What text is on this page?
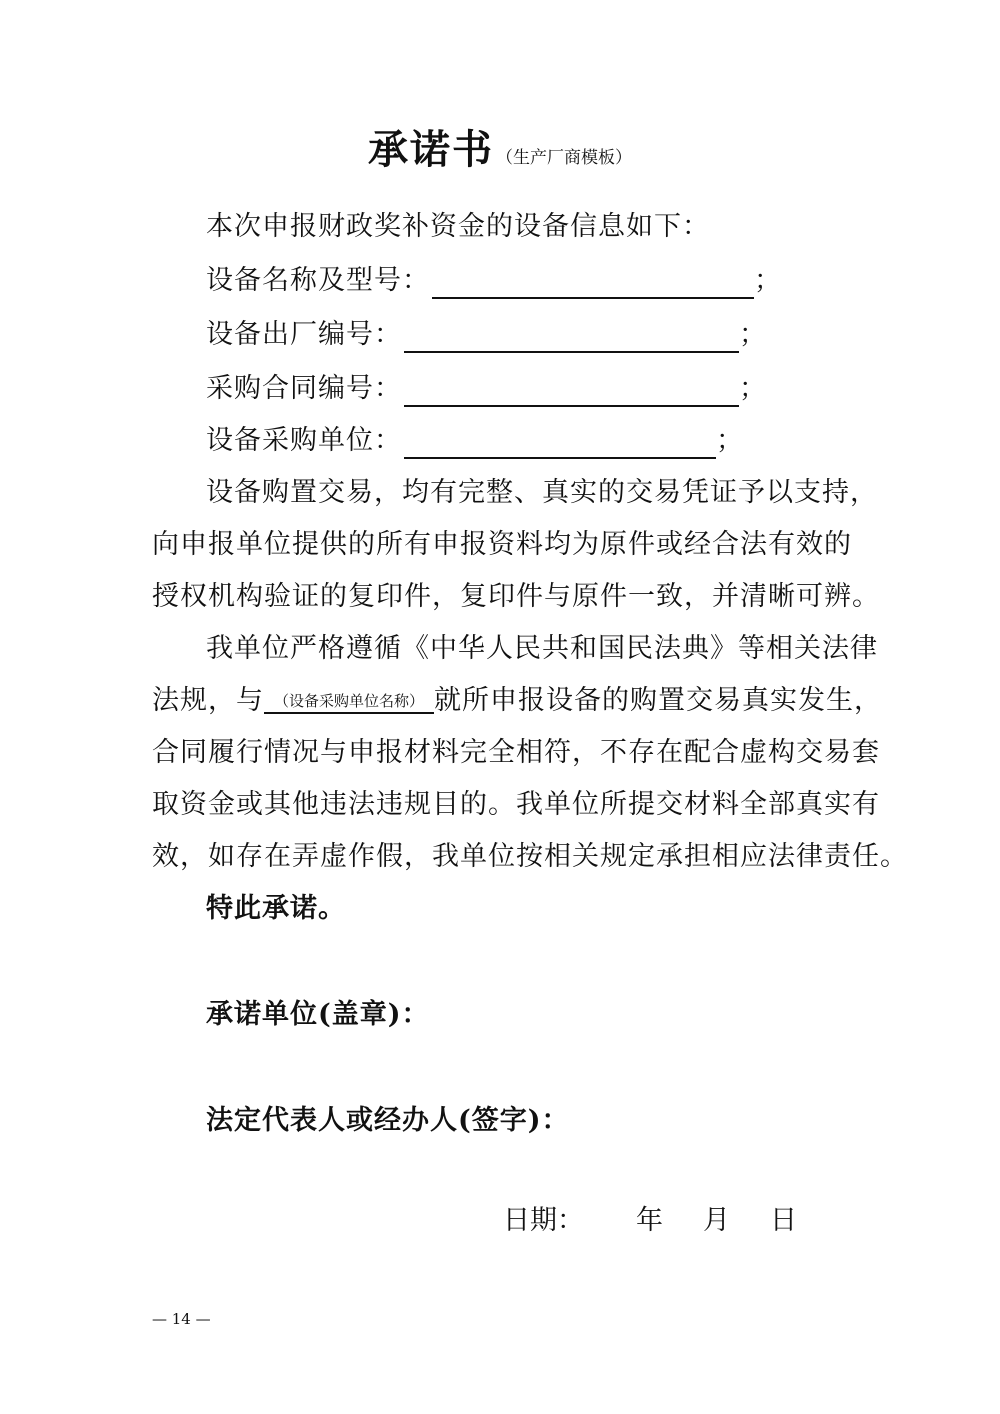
承诺书 （生产厂商模板）
本次申报财政奖补资金的设备信息如下：
设备名称及型号：	；
设备出厂编号：	；
采购合同编号：	；
设备采购单位：	；
设备购置交易，均有完整、真实的交易凭证予以支持，
向申报单位提供的所有申报资料均为原件或经合法有效的
授权机构验证的复印件，复印件与原件一致，并清晰可辨。
我单位严格遵循《中华人民共和国民法典》等相关法律
法规，与 （设备采购单位名称） 就所申报设备的购置交易真实发生，
合同履行情况与申报材料完全相符，不存在配合虚构交易套
取资金或其他违法违规目的。我单位所提交材料全部真实有
效，如存在弄虚作假，我单位按相关规定承担相应法律责任。
特此承诺。
承诺单位(盖章)：
法定代表人或经办人(签字)：
日期： 年 月 日
— 14 —
